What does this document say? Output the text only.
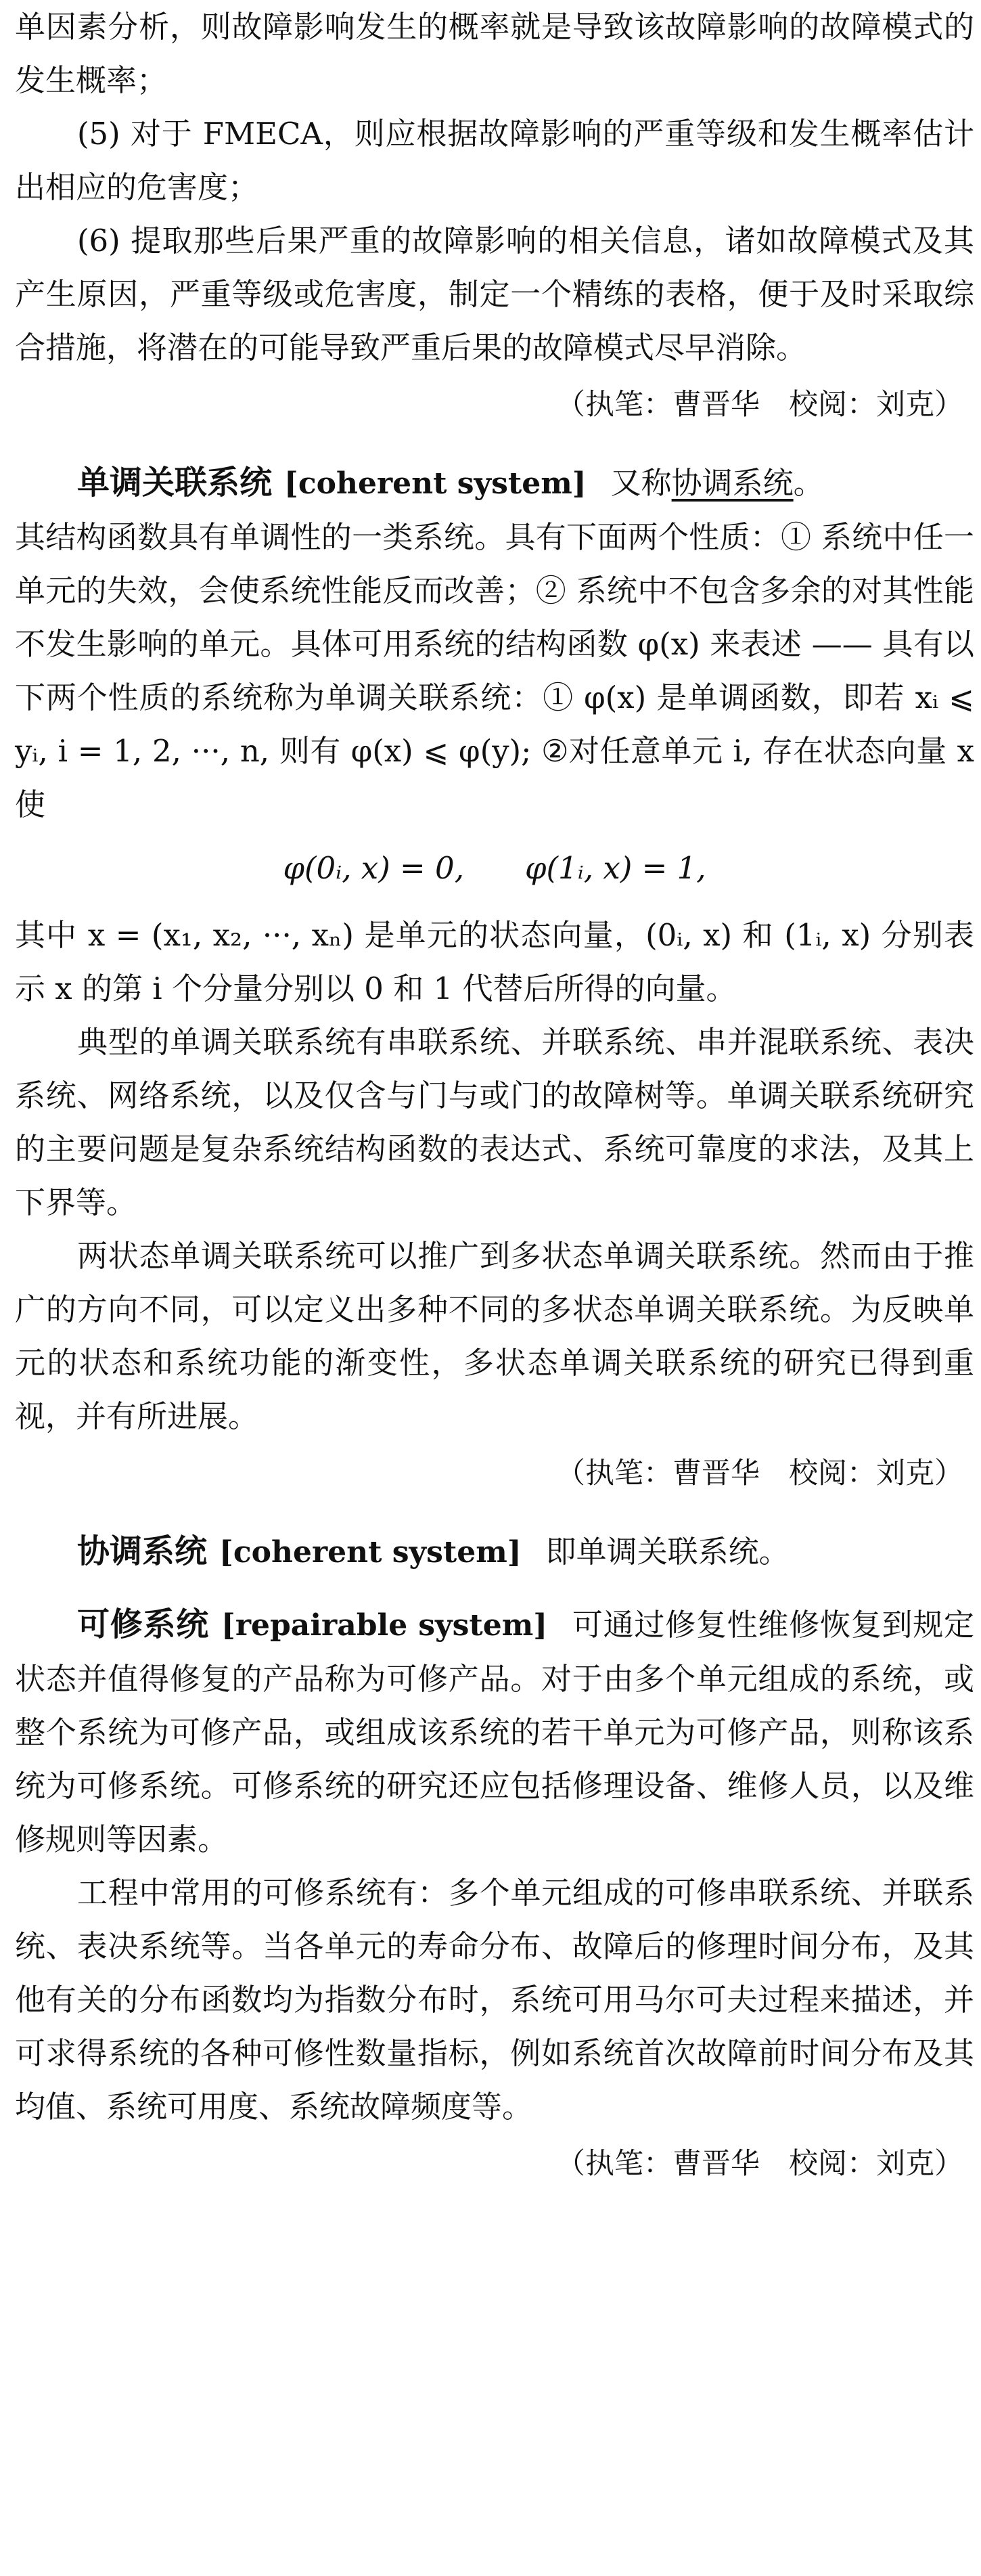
单因素分析，则故障影响发生的概率就是导致该故障影响的故障模式的发生概率；

(5) 对于 FMECA，则应根据故障影响的严重等级和发生概率估计出相应的危害度；

(6) 提取那些后果严重的故障影响的相关信息，诸如故障模式及其产生原因，严重等级或危害度，制定一个精练的表格，便于及时采取综合措施，将潜在的可能导致严重后果的故障模式尽早消除。

（执笔：曹晋华　校阅：刘克）

单调关联系统 [coherent system] 又称协调系统。

其结构函数具有单调性的一类系统。具有下面两个性质：① 系统中任一单元的失效，会使系统性能反而改善；② 系统中不包含多余的对其性能不发生影响的单元。具体可用系统的结构函数 φ(x) 来表述 —— 具有以下两个性质的系统称为单调关联系统：① φ(x) 是单调函数，即若 xᵢ ⩽ yᵢ, i = 1, 2, ···, n, 则有 φ(x) ⩽ φ(y); ②对任意单元 i, 存在状态向量 x 使

φ(0ᵢ, x) = 0,　　φ(1ᵢ, x) = 1,

其中 x = (x₁, x₂, ···, xₙ) 是单元的状态向量，(0ᵢ, x) 和 (1ᵢ, x) 分别表示 x 的第 i 个分量分别以 0 和 1 代替后所得的向量。

典型的单调关联系统有串联系统、并联系统、串并混联系统、表决系统、网络系统，以及仅含与门与或门的故障树等。单调关联系统研究的主要问题是复杂系统结构函数的表达式、系统可靠度的求法，及其上下界等。

两状态单调关联系统可以推广到多状态单调关联系统。然而由于推广的方向不同，可以定义出多种不同的多状态单调关联系统。为反映单元的状态和系统功能的渐变性，多状态单调关联系统的研究已得到重视，并有所进展。

（执笔：曹晋华　校阅：刘克）

协调系统 [coherent system] 即单调关联系统。

可修系统 [repairable system] 可通过修复性维修恢复到规定状态并值得修复的产品称为可修产品。对于由多个单元组成的系统，或整个系统为可修产品，或组成该系统的若干单元为可修产品，则称该系统为可修系统。可修系统的研究还应包括修理设备、维修人员，以及维修规则等因素。

工程中常用的可修系统有：多个单元组成的可修串联系统、并联系统、表决系统等。当各单元的寿命分布、故障后的修理时间分布，及其他有关的分布函数均为指数分布时，系统可用马尔可夫过程来描述，并可求得系统的各种可修性数量指标，例如系统首次故障前时间分布及其均值、系统可用度、系统故障频度等。

（执笔：曹晋华　校阅：刘克）
